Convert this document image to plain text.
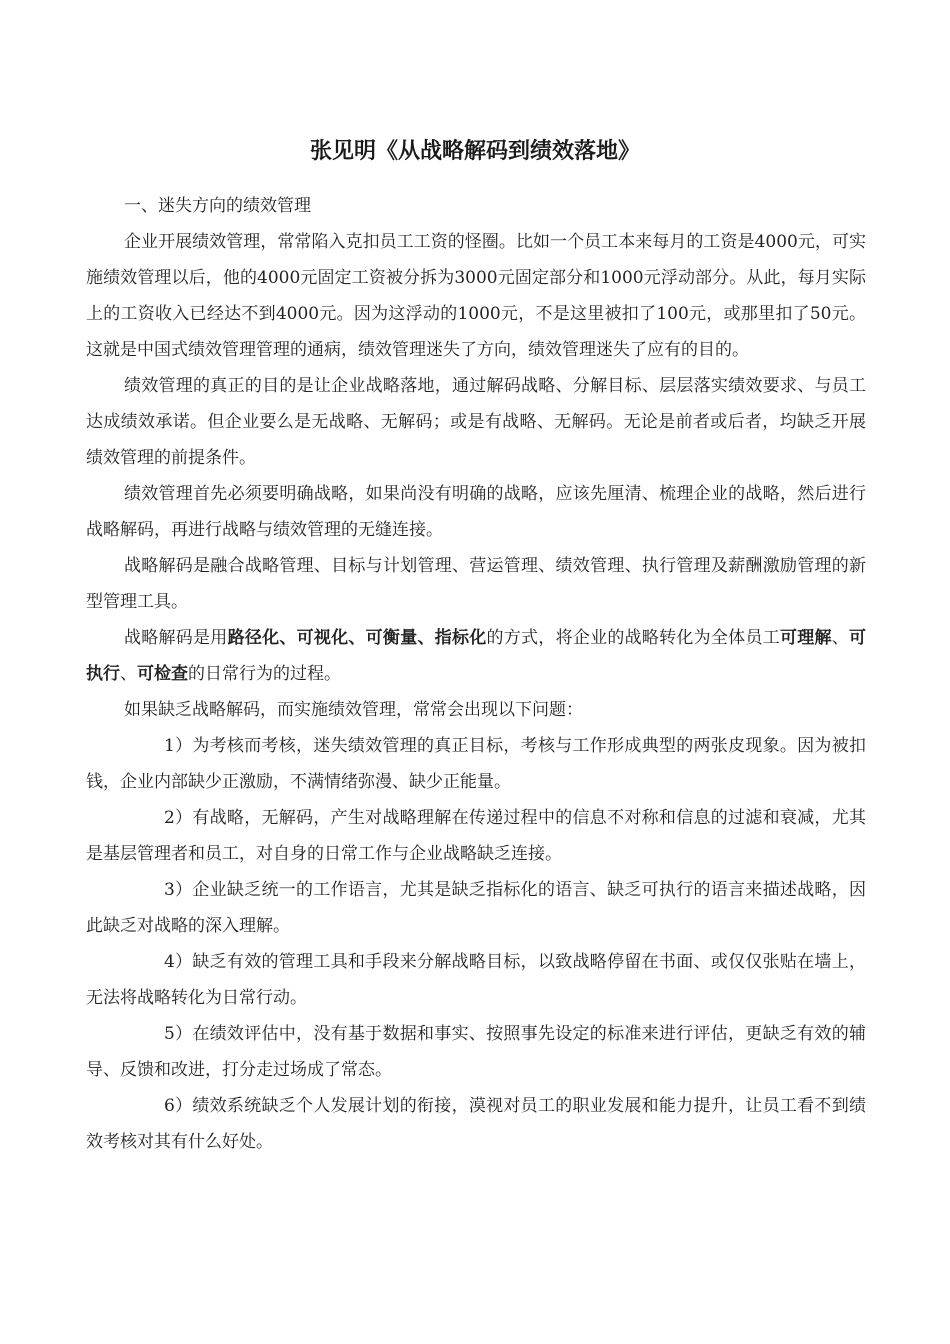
张见明《从战略解码到绩效落地》

一、迷失方向的绩效管理

企业开展绩效管理，常常陷入克扣员工工资的怪圈。比如一个员工本来每月的工资是4000元，可实施绩效管理以后，他的4000元固定工资被分拆为3000元固定部分和1000元浮动部分。从此，每月实际上的工资收入已经达不到4000元。因为这浮动的1000元，不是这里被扣了100元，或那里扣了50元。这就是中国式绩效管理管理的通病，绩效管理迷失了方向，绩效管理迷失了应有的目的。

绩效管理的真正的目的是让企业战略落地，通过解码战略、分解目标、层层落实绩效要求、与员工达成绩效承诺。但企业要么是无战略、无解码；或是有战略、无解码。无论是前者或后者，均缺乏开展绩效管理的前提条件。

绩效管理首先必须要明确战略，如果尚没有明确的战略，应该先厘清、梳理企业的战略，然后进行战略解码，再进行战略与绩效管理的无缝连接。

战略解码是融合战略管理、目标与计划管理、营运管理、绩效管理、执行管理及薪酬激励管理的新型管理工具。

战略解码是用路径化、可视化、可衡量、指标化的方式，将企业的战略转化为全体员工可理解、可执行、可检查的日常行为的过程。

如果缺乏战略解码，而实施绩效管理，常常会出现以下问题：

1）为考核而考核，迷失绩效管理的真正目标，考核与工作形成典型的两张皮现象。因为被扣钱，企业内部缺少正激励，不满情绪弥漫、缺少正能量。

2）有战略，无解码，产生对战略理解在传递过程中的信息不对称和信息的过滤和衰减，尤其是基层管理者和员工，对自身的日常工作与企业战略缺乏连接。

3）企业缺乏统一的工作语言，尤其是缺乏指标化的语言、缺乏可执行的语言来描述战略，因此缺乏对战略的深入理解。

4）缺乏有效的管理工具和手段来分解战略目标，以致战略停留在书面、或仅仅张贴在墙上，无法将战略转化为日常行动。

5）在绩效评估中，没有基于数据和事实、按照事先设定的标准来进行评估，更缺乏有效的辅导、反馈和改进，打分走过场成了常态。

6）绩效系统缺乏个人发展计划的衔接，漠视对员工的职业发展和能力提升，让员工看不到绩效考核对其有什么好处。
